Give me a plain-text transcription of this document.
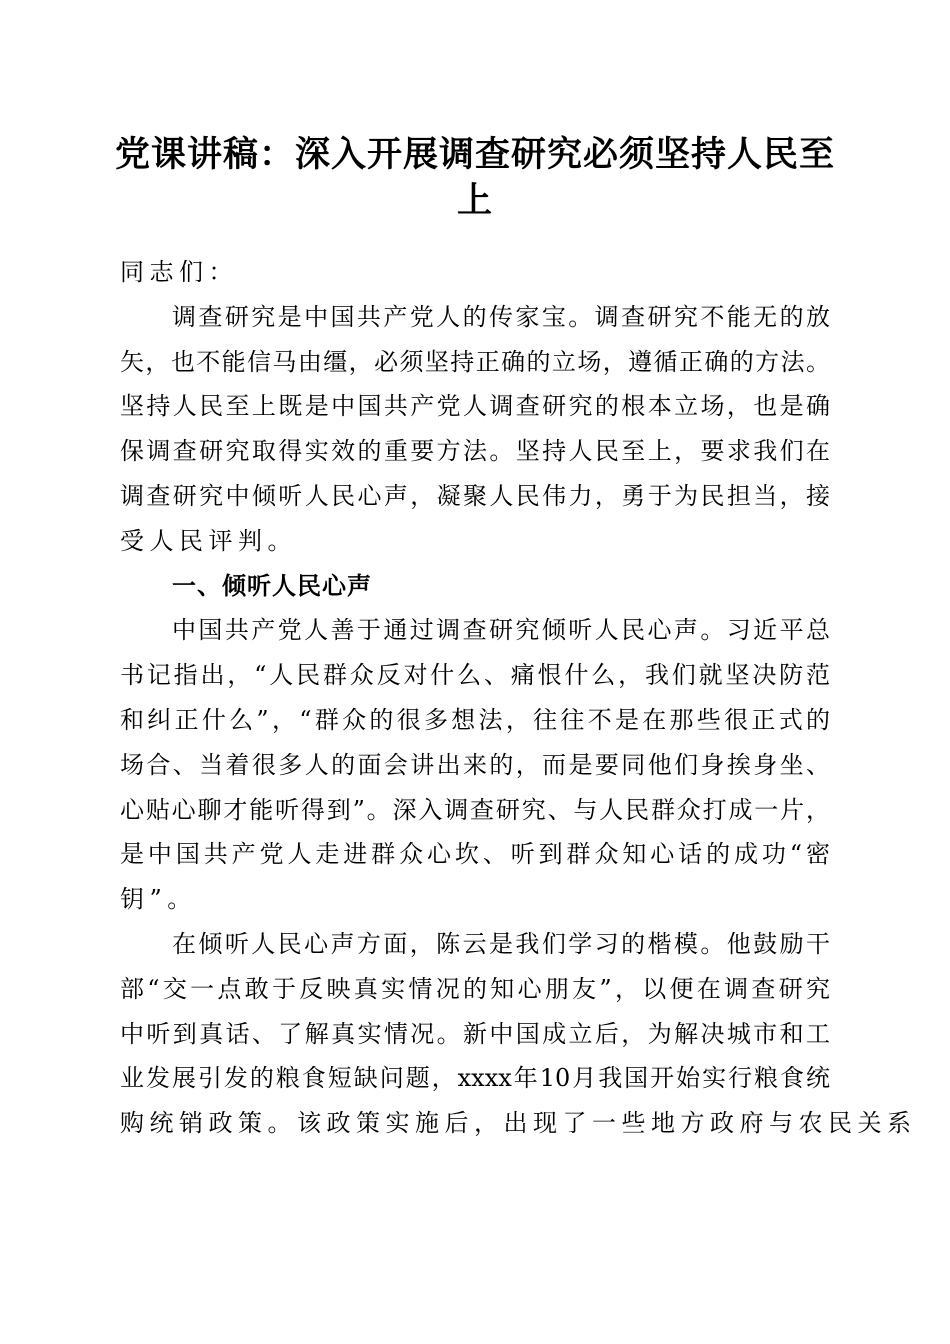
党课讲稿：深入开展调查研究必须坚持人民至
上
同志们：
调查研究是中国共产党人的传家宝。调查研究不能无的放
矢，也不能信马由缰，必须坚持正确的立场，遵循正确的方法。
坚持人民至上既是中国共产党人调查研究的根本立场，也是确
保调查研究取得实效的重要方法。坚持人民至上，要求我们在
调查研究中倾听人民心声，凝聚人民伟力，勇于为民担当，接
受人民评判。
一、倾听人民心声
中国共产党人善于通过调查研究倾听人民心声。习近平总
书记指出，“人民群众反对什么、痛恨什么，我们就坚决防范
和纠正什么”，“群众的很多想法，往往不是在那些很正式的
场合、当着很多人的面会讲出来的，而是要同他们身挨身坐、
心贴心聊才能听得到”。深入调查研究、与人民群众打成一片，
是中国共产党人走进群众心坎、听到群众知心话的成功“密
钥”。
在倾听人民心声方面，陈云是我们学习的楷模。他鼓励干
部“交一点敢于反映真实情况的知心朋友”，以便在调查研究
中听到真话、了解真实情况。新中国成立后，为解决城市和工
业发展引发的粮食短缺问题，xxxx年10月我国开始实行粮食统
购统销政策。该政策实施后，出现了一些地方政府与农民关系
